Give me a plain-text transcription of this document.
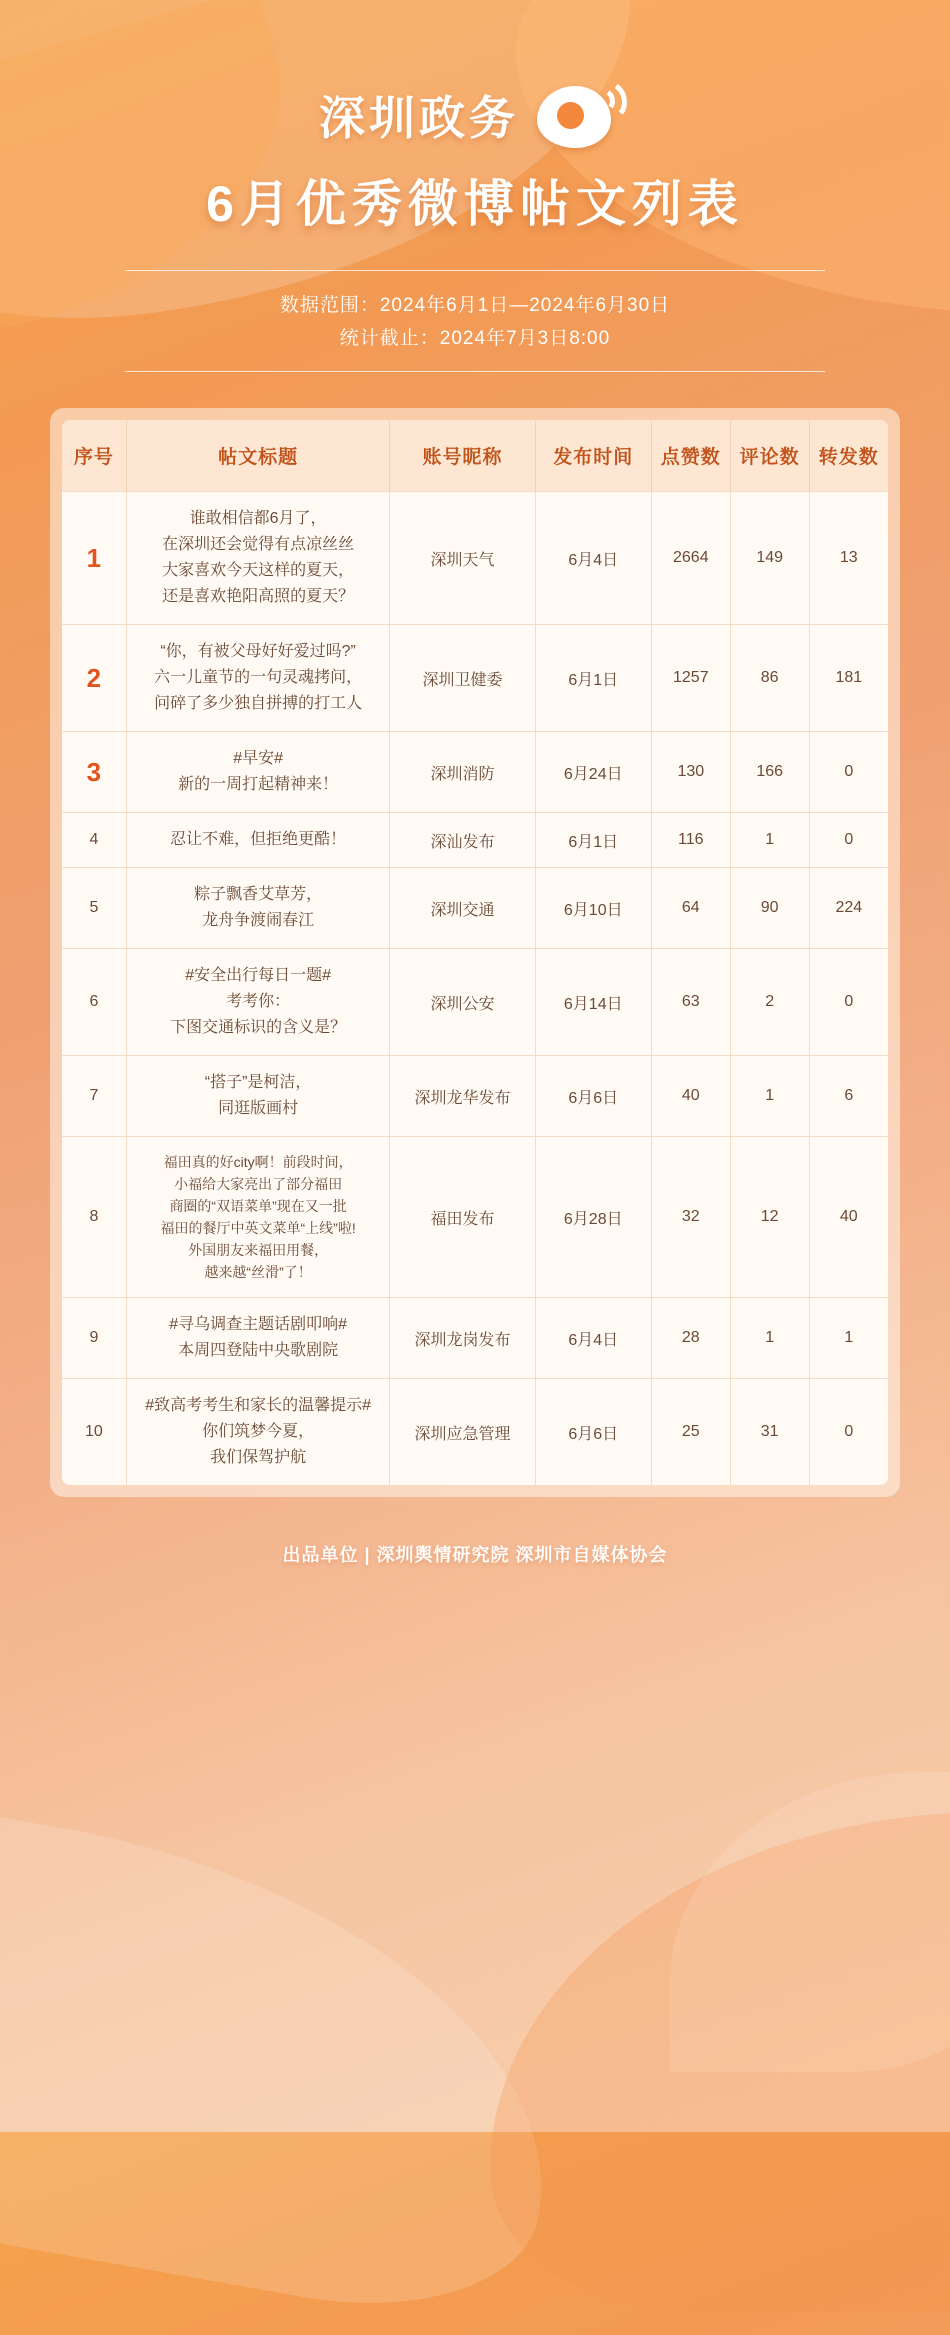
深圳政务
6月优秀微博帖文列表
数据范围：2024年6月1日—2024年6月30日
统计截止：2024年7月3日8:00
序号	帖文标题	账号昵称	发布时间	点赞数	评论数	转发数
1	谁敢相信都6月了，
在深圳还会觉得有点凉丝丝
大家喜欢今天这样的夏天，
还是喜欢艳阳高照的夏天？	深圳天气	6月4日	2664	149	13
2	“你，有被父母好好爱过吗?”
六一儿童节的一句灵魂拷问，
问碎了多少独自拼搏的打工人	深圳卫健委	6月1日	1257	86	181
3	#早安#
新的一周打起精神来！	深圳消防	6月24日	130	166	0
4	忍让不难，但拒绝更酷！	深汕发布	6月1日	116	1	0
5	粽子飘香艾草芳，
龙舟争渡闹春江	深圳交通	6月10日	64	90	224
6	#安全出行每日一题#
考考你：
下图交通标识的含义是？	深圳公安	6月14日	63	2	0
7	“搭子”是柯洁，
同逛版画村	深圳龙华发布	6月6日	40	1	6
8	福田真的好city啊！前段时间，
小福给大家亮出了部分福田
商圈的“双语菜单”现在又一批
福田的餐厅中英文菜单“上线”啦!
外国朋友来福田用餐，
越来越“丝滑”了！	福田发布	6月28日	32	12	40
9	#寻乌调查主题话剧叩响#
本周四登陆中央歌剧院	深圳龙岗发布	6月4日	28	1	1
10	#致高考考生和家长的温馨提示#
你们筑梦今夏，
我们保驾护航	深圳应急管理	6月6日	25	31	0
出品单位 | 深圳舆情研究院 深圳市自媒体协会
